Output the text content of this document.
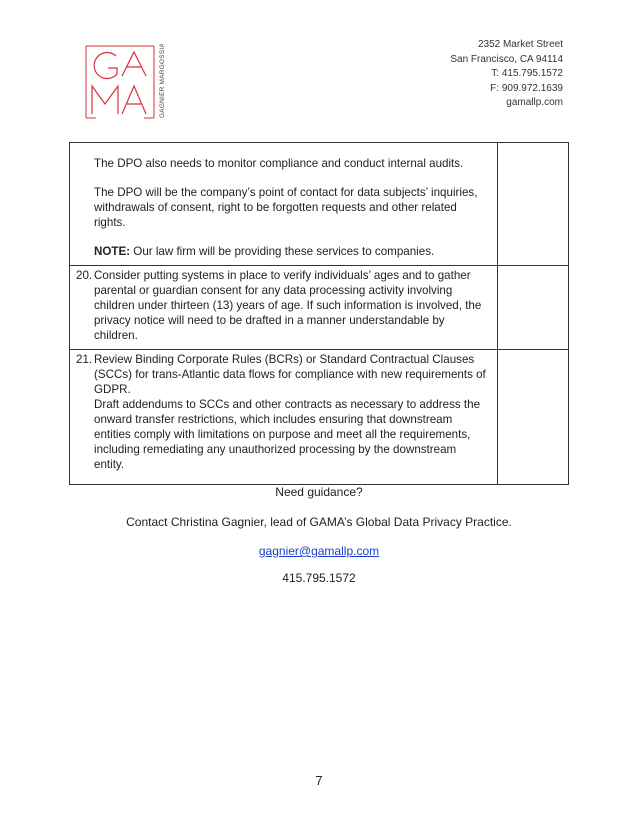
GAGNIER MARGOSSIAN	2352 Market Street
San Francisco, CA 94114
T: 415.795.1572
F: 909.972.1639
gamallp.com

The DPO also needs to monitor compliance and conduct internal audits.

The DPO will be the company’s point of contact for data subjects’ inquiries, withdrawals of consent, right to be forgotten requests and other related rights.

NOTE: Our law firm will be providing these services to companies.	

20. Consider putting systems in place to verify individuals’ ages and to gather parental or guardian consent for any data processing activity involving children under thirteen (13) years of age. If such information is involved, the privacy notice will need to be drafted in a manner understandable by children.	

21. Review Binding Corporate Rules (BCRs) or Standard Contractual Clauses (SCCs) for trans-Atlantic data flows for compliance with new requirements of GDPR.

Draft addendums to SCCs and other contracts as necessary to address the onward transfer restrictions, which includes ensuring that downstream entities comply with limitations on purpose and meet all the requirements, including remediating any unauthorized processing by the downstream entity.	

Need guidance?
Contact Christina Gagnier, lead of GAMA’s Global Data Privacy Practice.
gagnier@gamallp.com
415.795.1572
7
